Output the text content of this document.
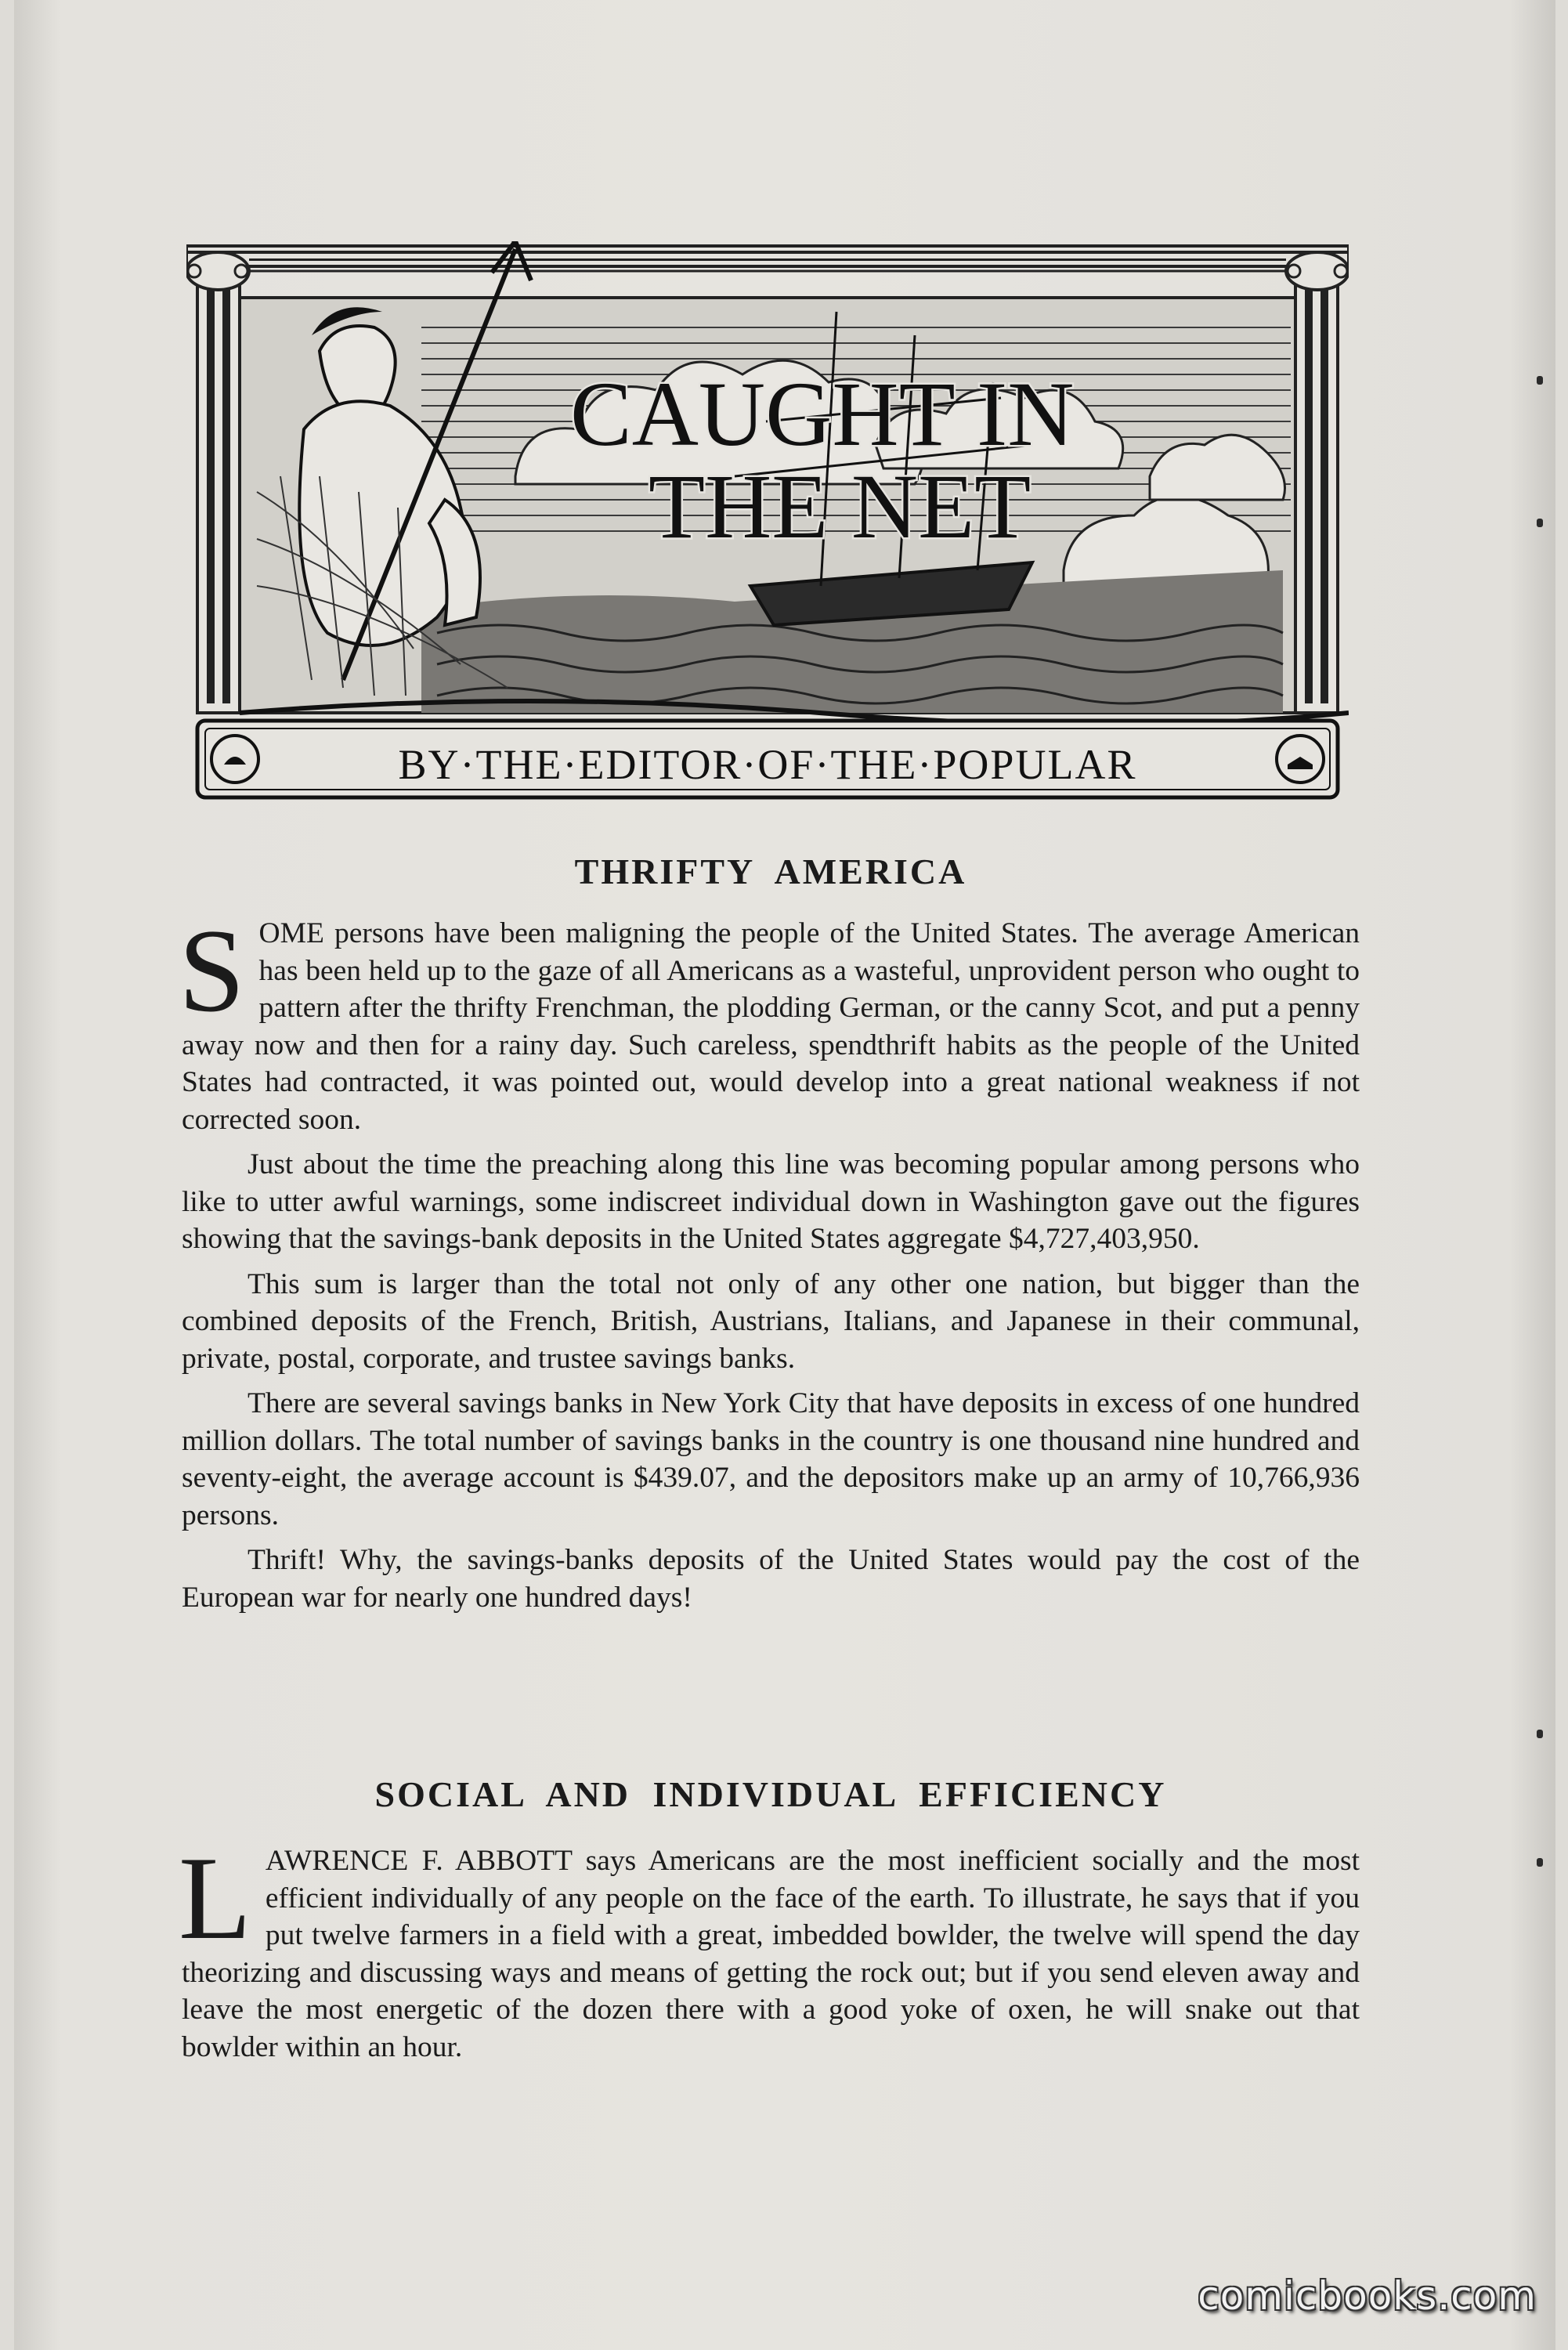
CAUGHT IN
THE NET
BY·THE·EDITOR·OF·THE·POPULAR
THRIFTY AMERICA

SOME persons have been maligning the people of the United States. The average American has been held up to the gaze of all Americans as a wasteful, unprovident person who ought to pattern after the thrifty Frenchman, the plodding German, or the canny Scot, and put a penny away now and then for a rainy day. Such careless, spendthrift habits as the people of the United States had contracted, it was pointed out, would develop into a great national weakness if not corrected soon.

Just about the time the preaching along this line was becoming popular among persons who like to utter awful warnings, some indiscreet individual down in Washington gave out the figures showing that the savings-bank deposits in the United States aggregate $4,727,403,950.

This sum is larger than the total not only of any other one nation, but bigger than the combined deposits of the French, British, Austrians, Italians, and Japanese in their communal, private, postal, corporate, and trustee savings banks.

There are several savings banks in New York City that have deposits in excess of one hundred million dollars. The total number of savings banks in the country is one thousand nine hundred and seventy-eight, the average account is $439.07, and the depositors make up an army of 10,766,936 persons.

Thrift! Why, the savings-banks deposits of the United States would pay the cost of the European war for nearly one hundred days!

SOCIAL AND INDIVIDUAL EFFICIENCY

LAWRENCE F. ABBOTT says Americans are the most inefficient socially and the most efficient individually of any people on the face of the earth. To illustrate, he says that if you put twelve farmers in a field with a great, imbedded bowlder, the twelve will spend the day theorizing and discussing ways and means of getting the rock out; but if you send eleven away and leave the most energetic of the dozen there with a good yoke of oxen, he will snake out that bowlder within an hour.

comicbooks.com
